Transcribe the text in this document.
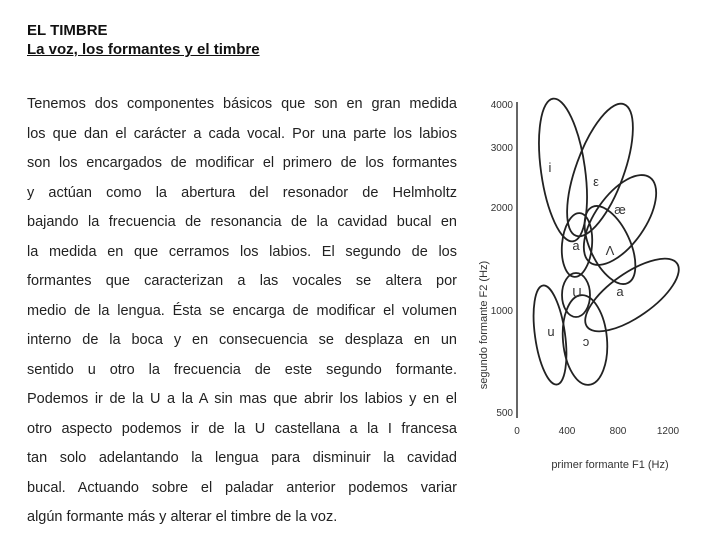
EL TIMBRE
La voz, los formantes y el timbre
Tenemos dos componentes básicos que son en gran medida
los que dan el carácter a cada vocal. Por una parte los labios
son los encargados de modificar el primero de los formantes
y actúan como la abertura del resonador de Helmholtz
bajando la frecuencia de resonancia de la cavidad bucal en
la medida en que cerramos los labios. El segundo de los
formantes que caracterizan a las vocales se altera por
medio de la lengua. Ésta se encarga de modificar el volumen
interno de la boca y en consecuencia se desplaza en un
sentido u otro la frecuencia de este segundo formante.
Podemos ir de la U a la A sin mas que abrir los labios y en el
otro aspecto podemos ir de la U castellana a la I francesa
tan solo adelantando la lengua para disminuir la cavidad
bucal. Actuando sobre el paladar anterior podemos variar
algún formante más y alterar el timbre de la voz.
segundo formante F2 (Hz)
4000
3000
2000
1000
500
0	400	800	1200
primer formante F1 (Hz)
i
ε
æ
a Λ
U	a
u
ɔ
